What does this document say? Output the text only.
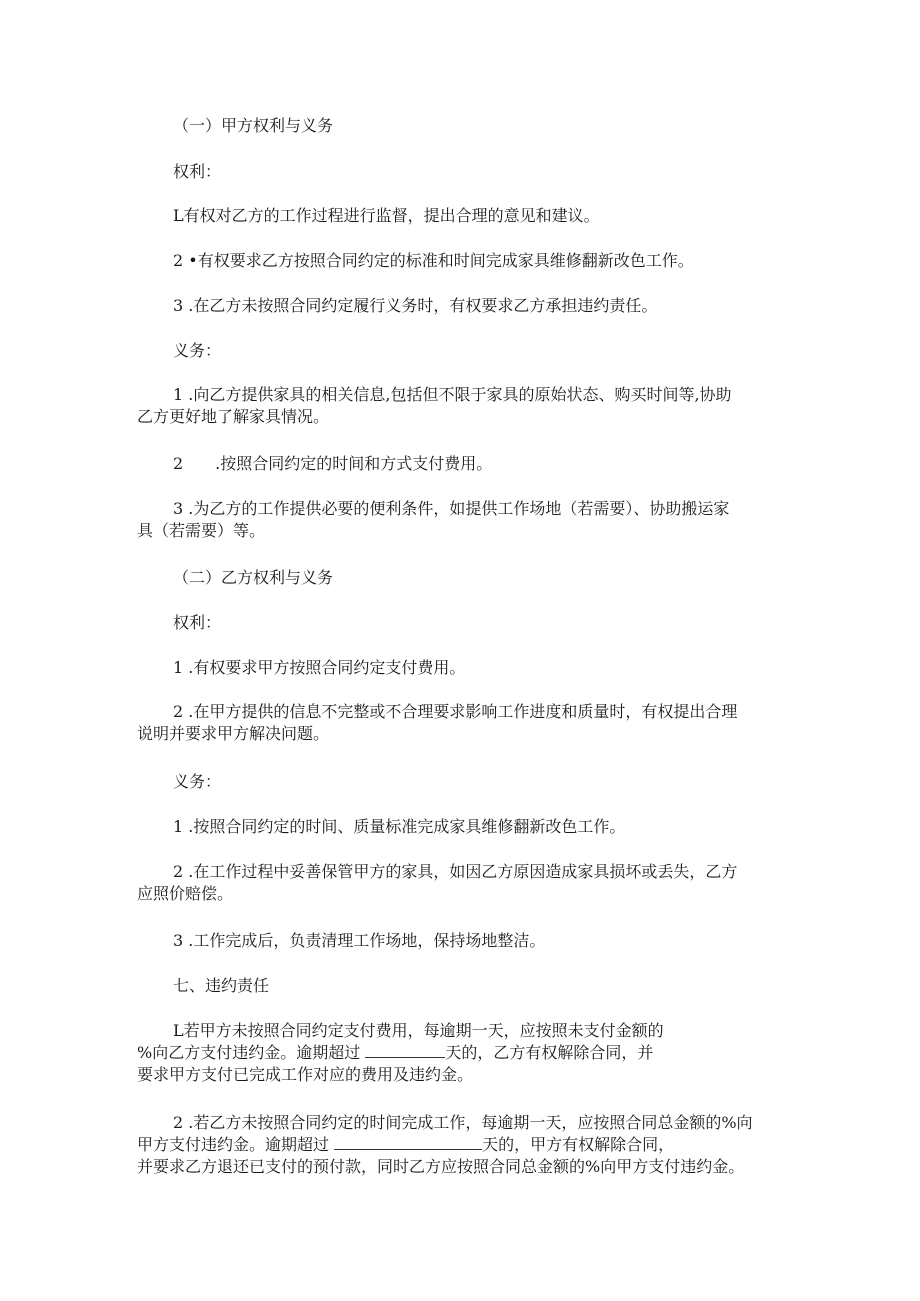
（一）甲方权利与义务

权利：

L有权对乙方的工作过程进行监督，提出合理的意见和建议。

2 •有权要求乙方按照合同约定的标准和时间完成家具维修翻新改色工作。

3 .在乙方未按照合同约定履行义务时，有权要求乙方承担违约责任。

义务：

1 .向乙方提供家具的相关信息,包括但不限于家具的原始状态、购买时间等,协助
乙方更好地了解家具情况。

2　　.按照合同约定的时间和方式支付费用。

3 .为乙方的工作提供必要的便利条件，如提供工作场地（若需要）、协助搬运家
具（若需要）等。

（二）乙方权利与义务

权利：

1 .有权要求甲方按照合同约定支付费用。

2 .在甲方提供的信息不完整或不合理要求影响工作进度和质量时，有权提出合理
说明并要求甲方解决问题。

义务：

1 .按照合同约定的时间、质量标准完成家具维修翻新改色工作。

2 .在工作过程中妥善保管甲方的家具，如因乙方原因造成家具损坏或丢失，乙方
应照价赔偿。

3 .工作完成后，负责清理工作场地，保持场地整洁。

七、违约责任

L若甲方未按照合同约定支付费用，每逾期一天，应按照未支付金额的
%向乙方支付违约金。逾期超过	天的，乙方有权解除合同，并
要求甲方支付已完成工作对应的费用及违约金。

2 .若乙方未按照合同约定的时间完成工作，每逾期一天，应按照合同总金额的%向
甲方支付违约金。逾期超过	天的，甲方有权解除合同，
并要求乙方退还已支付的预付款，同时乙方应按照合同总金额的%向甲方支付违约金。
